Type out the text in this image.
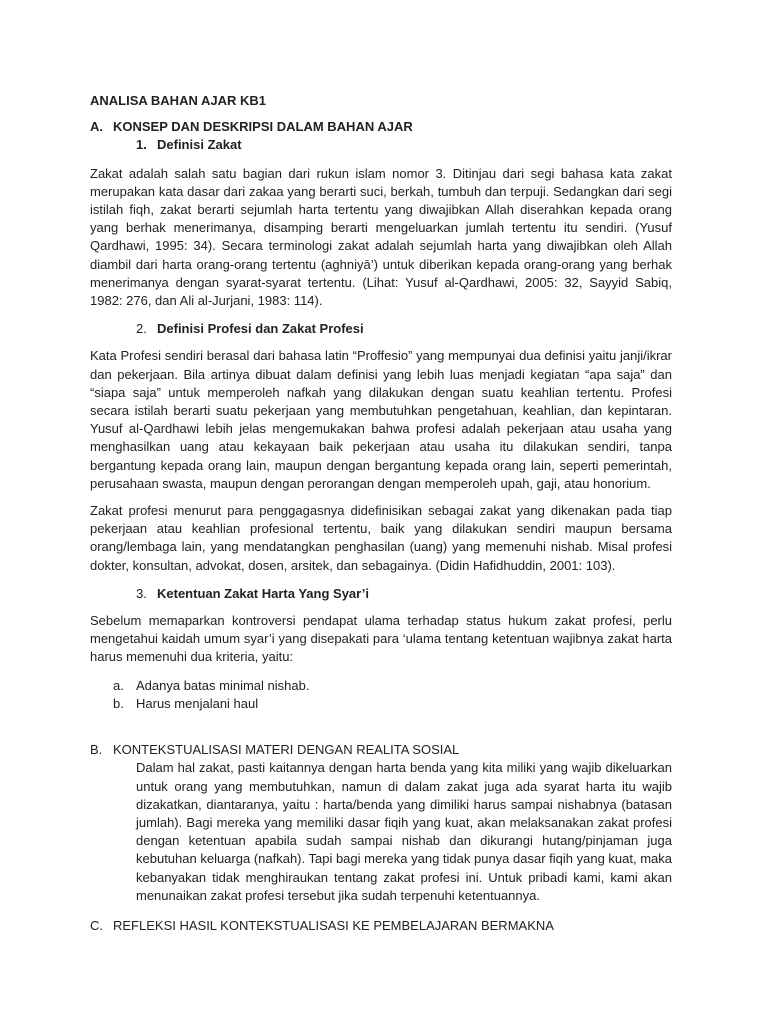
ANALISA BAHAN AJAR KB1
A. KONSEP DAN DESKRIPSI DALAM BAHAN AJAR
1. Definisi Zakat

Zakat adalah salah satu bagian dari rukun islam nomor 3. Ditinjau dari segi bahasa kata zakat merupakan kata dasar dari zakaa yang berarti suci, berkah, tumbuh dan terpuji. Sedangkan dari segi istilah fiqh, zakat berarti sejumlah harta tertentu yang diwajibkan Allah diserahkan kepada orang yang berhak menerimanya, disamping berarti mengeluarkan jumlah tertentu itu sendiri. (Yusuf Qardhawi, 1995: 34). Secara terminologi zakat adalah sejumlah harta yang diwajibkan oleh Allah diambil dari harta orang-orang tertentu (aghniyā’) untuk diberikan kepada orang-orang yang berhak menerimanya dengan syarat-syarat tertentu. (Lihat: Yusuf al-Qardhawi, 2005: 32, Sayyid Sabiq, 1982: 276, dan Ali al-Jurjani, 1983: 114).

2. Definisi Profesi dan Zakat Profesi

Kata Profesi sendiri berasal dari bahasa latin “Proffesio” yang mempunyai dua definisi yaitu janji/ikrar dan pekerjaan. Bila artinya dibuat dalam definisi yang lebih luas menjadi kegiatan “apa saja” dan “siapa saja” untuk memperoleh nafkah yang dilakukan dengan suatu keahlian tertentu. Profesi secara istilah berarti suatu pekerjaan yang membutuhkan pengetahuan, keahlian, dan kepintaran. Yusuf al-Qardhawi lebih jelas mengemukakan bahwa profesi adalah pekerjaan atau usaha yang menghasilkan uang atau kekayaan baik pekerjaan atau usaha itu dilakukan sendiri, tanpa bergantung kepada orang lain, maupun dengan bergantung kepada orang lain, seperti pemerintah, perusahaan swasta, maupun dengan perorangan dengan memperoleh upah, gaji, atau honorium.

Zakat profesi menurut para penggagasnya didefinisikan sebagai zakat yang dikenakan pada tiap pekerjaan atau keahlian profesional tertentu, baik yang dilakukan sendiri maupun bersama orang/lembaga lain, yang mendatangkan penghasilan (uang) yang memenuhi nishab. Misal profesi dokter, konsultan, advokat, dosen, arsitek, dan sebagainya. (Didin Hafidhuddin, 2001: 103).

3. Ketentuan Zakat Harta Yang Syar’i

Sebelum memaparkan kontroversi pendapat ulama terhadap status hukum zakat profesi, perlu mengetahui kaidah umum syar’i yang disepakati para ‘ulama tentang ketentuan wajibnya zakat harta harus memenuhi dua kriteria, yaitu:

a. Adanya batas minimal nishab.
b. Harus menjalani haul
B. KONTEKSTUALISASI MATERI DENGAN REALITA SOSIAL

Dalam hal zakat, pasti kaitannya dengan harta benda yang kita miliki yang wajib dikeluarkan untuk orang yang membutuhkan, namun di dalam zakat juga ada syarat harta itu wajib dizakatkan, diantaranya, yaitu : harta/benda yang dimiliki harus sampai nishabnya (batasan jumlah). Bagi mereka yang memiliki dasar fiqih yang kuat, akan melaksanakan zakat profesi dengan ketentuan apabila sudah sampai nishab dan dikurangi hutang/pinjaman juga kebutuhan keluarga (nafkah). Tapi bagi mereka yang tidak punya dasar fiqih yang kuat, maka kebanyakan tidak menghiraukan tentang zakat profesi ini. Untuk pribadi kami, kami akan menunaikan zakat profesi tersebut jika sudah terpenuhi ketentuannya.

C. REFLEKSI HASIL KONTEKSTUALISASI KE PEMBELAJARAN BERMAKNA
